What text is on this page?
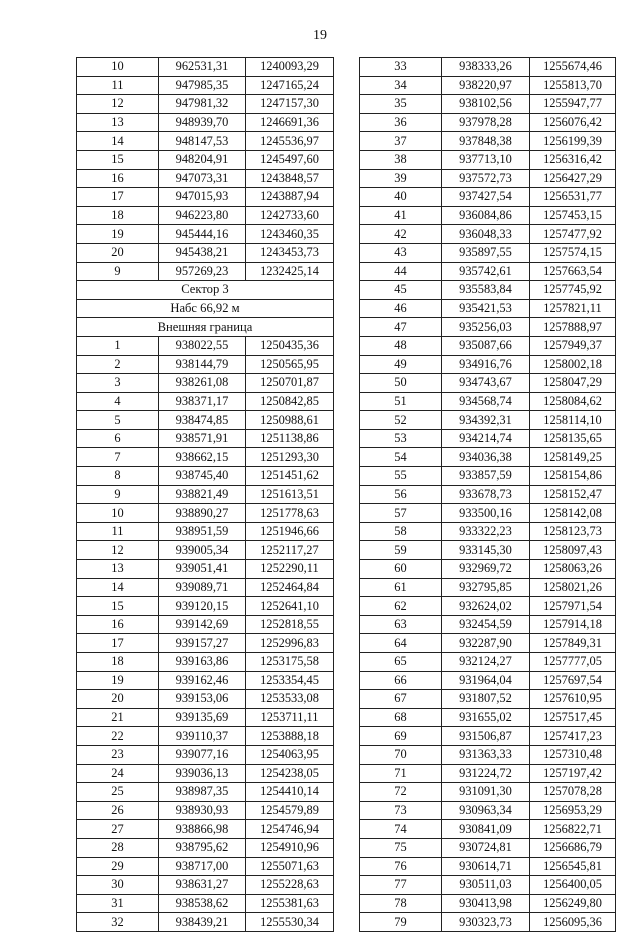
19
10	962531,31	1240093,29
11	947985,35	1247165,24
12	947981,32	1247157,30
13	948939,70	1246691,36
14	948147,53	1245536,97
15	948204,91	1245497,60
16	947073,31	1243848,57
17	947015,93	1243887,94
18	946223,80	1242733,60
19	945444,16	1243460,35
20	945438,21	1243453,73
9	957269,23	1232425,14
Сектор 3		
Набс 66,92 м		
Внешняя граница		
1	938022,55	1250435,36
2	938144,79	1250565,95
3	938261,08	1250701,87
4	938371,17	1250842,85
5	938474,85	1250988,61
6	938571,91	1251138,86
7	938662,15	1251293,30
8	938745,40	1251451,62
9	938821,49	1251613,51
10	938890,27	1251778,63
11	938951,59	1251946,66
12	939005,34	1252117,27
13	939051,41	1252290,11
14	939089,71	1252464,84
15	939120,15	1252641,10
16	939142,69	1252818,55
17	939157,27	1252996,83
18	939163,86	1253175,58
19	939162,46	1253354,45
20	939153,06	1253533,08
21	939135,69	1253711,11
22	939110,37	1253888,18
23	939077,16	1254063,95
24	939036,13	1254238,05
25	938987,35	1254410,14
26	938930,93	1254579,89
27	938866,98	1254746,94
28	938795,62	1254910,96
29	938717,00	1255071,63
30	938631,27	1255228,63
31	938538,62	1255381,63
32	938439,21	1255530,34
33	938333,26	1255674,46
34	938220,97	1255813,70
35	938102,56	1255947,77
36	937978,28	1256076,42
37	937848,38	1256199,39
38	937713,10	1256316,42
39	937572,73	1256427,29
40	937427,54	1256531,77
41	936084,86	1257453,15
42	936048,33	1257477,92
43	935897,55	1257574,15
44	935742,61	1257663,54
45	935583,84	1257745,92
46	935421,53	1257821,11
47	935256,03	1257888,97
48	935087,66	1257949,37
49	934916,76	1258002,18
50	934743,67	1258047,29
51	934568,74	1258084,62
52	934392,31	1258114,10
53	934214,74	1258135,65
54	934036,38	1258149,25
55	933857,59	1258154,86
56	933678,73	1258152,47
57	933500,16	1258142,08
58	933322,23	1258123,73
59	933145,30	1258097,43
60	932969,72	1258063,26
61	932795,85	1258021,26
62	932624,02	1257971,54
63	932454,59	1257914,18
64	932287,90	1257849,31
65	932124,27	1257777,05
66	931964,04	1257697,54
67	931807,52	1257610,95
68	931655,02	1257517,45
69	931506,87	1257417,23
70	931363,33	1257310,48
71	931224,72	1257197,42
72	931091,30	1257078,28
73	930963,34	1256953,29
74	930841,09	1256822,71
75	930724,81	1256686,79
76	930614,71	1256545,81
77	930511,03	1256400,05
78	930413,98	1256249,80
79	930323,73	1256095,36
